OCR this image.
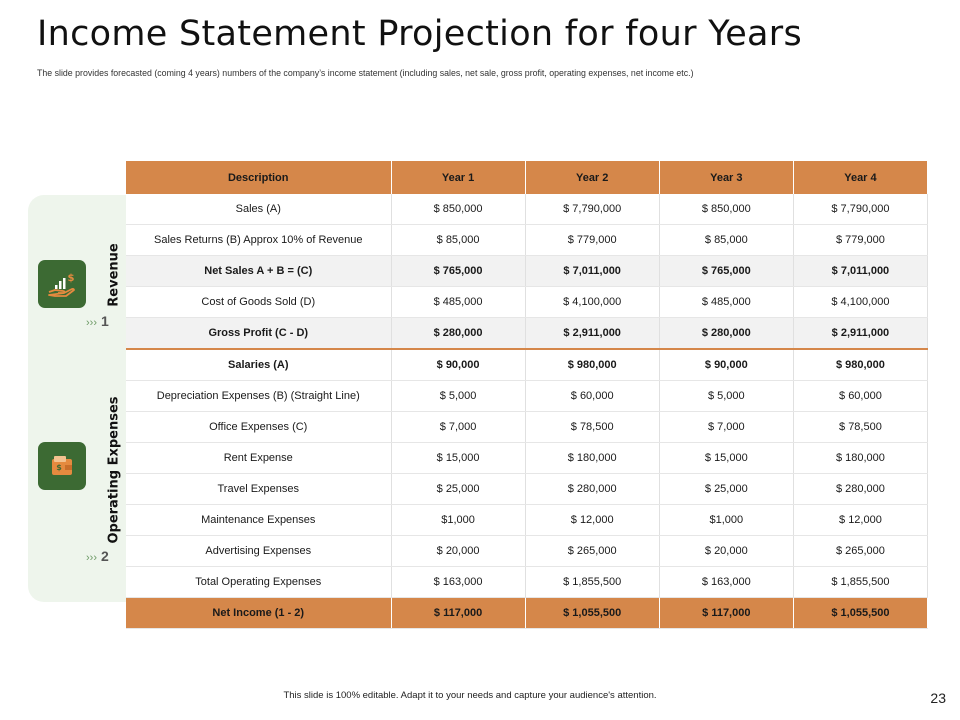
Income Statement Projection for four Years
The slide provides forecasted (coming 4 years) numbers of the company’s income statement (including sales, net sale, gross profit, operating expenses, net income etc.)
$ Revenue
››› 1
$	Operating Expenses
››› 2
Description	Year 1	Year 2	Year 3	Year 4
Sales (A)	$ 850,000	$ 7,790,000	$ 850,000	$ 7,790,000
Sales Returns (B) Approx 10% of Revenue	$ 85,000	$ 779,000	$ 85,000	$ 779,000
Net Sales A + B = (C)	$ 765,000	$ 7,011,000	$ 765,000	$ 7,011,000
Cost of Goods Sold (D)	$ 485,000	$ 4,100,000	$ 485,000	$ 4,100,000
Gross Profit (C - D)	$ 280,000	$ 2,911,000	$ 280,000	$ 2,911,000
Salaries (A)	$ 90,000	$ 980,000	$ 90,000	$ 980,000
Depreciation Expenses (B) (Straight Line)	$ 5,000	$ 60,000	$ 5,000	$ 60,000
Office Expenses (C)	$ 7,000	$ 78,500	$ 7,000	$ 78,500
Rent Expense	$ 15,000	$ 180,000	$ 15,000	$ 180,000
Travel Expenses	$ 25,000	$ 280,000	$ 25,000	$ 280,000
Maintenance Expenses	$1,000	$ 12,000	$1,000	$ 12,000
Advertising Expenses	$ 20,000	$ 265,000	$ 20,000	$ 265,000
Total Operating Expenses	$ 163,000	$ 1,855,500	$ 163,000	$ 1,855,500
Net Income (1 - 2)	$ 117,000	$ 1,055,500	$ 117,000	$ 1,055,500
This slide is 100% editable. Adapt it to your needs and capture your audience's attention.	23
